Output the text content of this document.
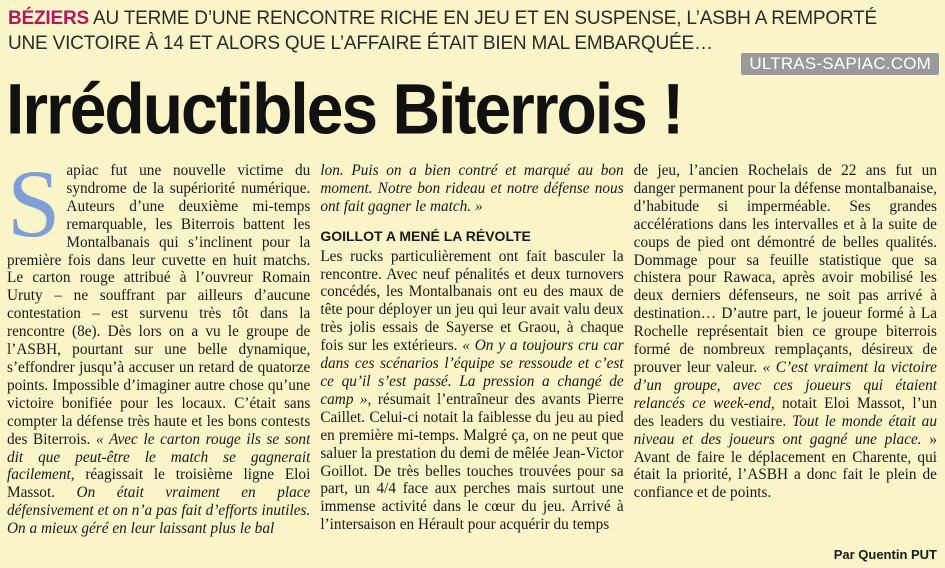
BÉZIERS AU TERME D’UNE RENCONTRE RICHE EN JEU ET EN SUSPENSE, L’ASBH A REMPORTÉ UNE VICTOIRE À 14 ET ALORS QUE L’AFFAIRE ÉTAIT BIEN MAL EMBARQUÉE…
ULTRAS-SAPIAC.COM
Irréductibles Biterrois !

Sapiac fut une nouvelle victime du syndrome de la supériorité numérique. Auteurs d’une deuxième mi-temps remarquable, les Biterrois battent les Montalbanais qui s’inclinent pour la première fois dans leur cuvette en huit matchs. Le carton rouge attribué à l’ouvreur Romain Uruty – ne souffrant par ailleurs d’aucune contestation – est survenu très tôt dans la rencontre (8e). Dès lors on a vu le groupe de l’ASBH, pourtant sur une belle dynamique, s’effondrer jusqu’à accuser un retard de quatorze points. Impossible d’imaginer autre chose qu’une victoire bonifiée pour les locaux. C’était sans compter la défense très haute et les bons contests des Biterrois. « Avec le carton rouge ils se sont dit que peut-être le match se gagnerait facilement, réagissait le troisième ligne Eloi Massot. On était vraiment en place défensivement et on n’a pas fait d’efforts inutiles. On a mieux géré en leur laissant plus le bal

lon. Puis on a bien contré et marqué au bon moment. Notre bon rideau et notre défense nous ont fait gagner le match. »

GOILLOT A MENÉ LA RÉVOLTE

Les rucks particulièrement ont fait basculer la rencontre. Avec neuf pénalités et deux turnovers concédés, les Montalbanais ont eu des maux de tête pour déployer un jeu qui leur avait valu deux très jolis essais de Sayerse et Graou, à chaque fois sur les extérieurs. « On y a toujours cru car dans ces scénarios l’équipe se ressoude et c’est ce qu’il s’est passé. La pression a changé de camp », résumait l’entraîneur des avants Pierre Caillet. Celui-ci notait la faiblesse du jeu au pied en première mi-temps. Malgré ça, on ne peut que saluer la prestation du demi de mêlée Jean-Victor Goillot. De très belles touches trouvées pour sa part, un 4/4 face aux perches mais surtout une immense activité dans le cœur du jeu. Arrivé à l’intersaison en Hérault pour acquérir du temps

de jeu, l’ancien Rochelais de 22 ans fut un danger permanent pour la défense montalbanaise, d’habitude si imperméable. Ses grandes accélérations dans les intervalles et à la suite de coups de pied ont démontré de belles qualités. Dommage pour sa feuille statistique que sa chistera pour Rawaca, après avoir mobilisé les deux derniers défenseurs, ne soit pas arrivé à destination… D’autre part, le joueur formé à La Rochelle représentait bien ce groupe biterrois formé de nombreux remplaçants, désireux de prouver leur valeur. « C’est vraiment la victoire d’un groupe, avec ces joueurs qui étaient relancés ce week-end, notait Eloi Massot, l’un des leaders du vestiaire. Tout le monde était au niveau et des joueurs ont gagné une place. » Avant de faire le déplacement en Charente, qui était la priorité, l’ASBH a donc fait le plein de confiance et de points.

Par Quentin PUT
